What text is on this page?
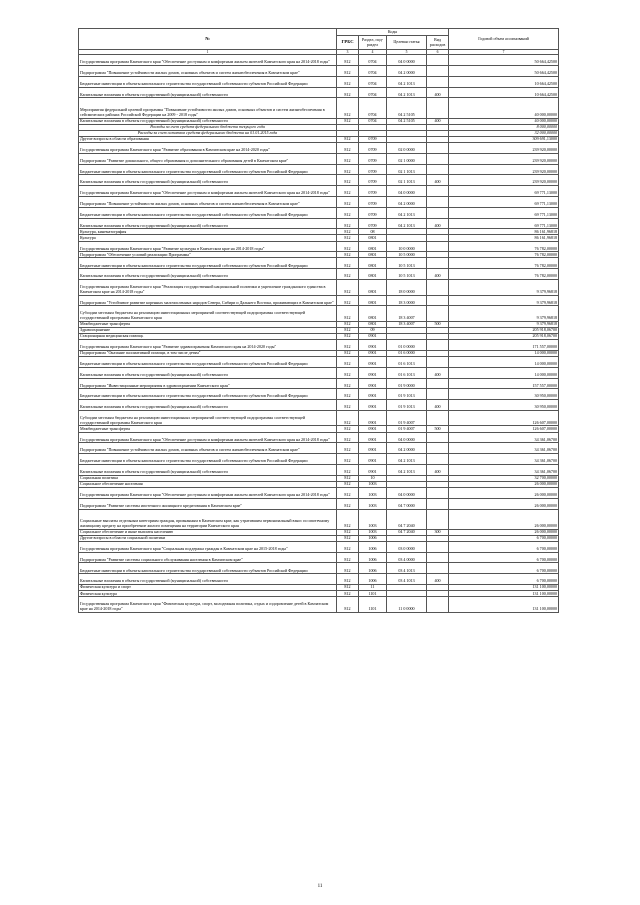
№	Коды				Годовой объем ассигнований
	ГРБС	Раздел, под-раздел	Целевая статья	Вид расходов	
1	3	4	5	6	7
Государственная программа Камчатского края "Обеспечение доступным и комфортным жильем жителей Камчатского края на 2014-2018 годы"	812	0704	04 0 0000		50 664,42500
Подпрограмма "Повышение устойчивости жилых домов, основных объектов и систем жизнеобеспечения в Камчатском крае"	812	0704	04 2 0000		50 664,42500
Бюджетные инвестиции в объекты капитального строительства государственной собственности субъектов Российской Федерации	812	0704	04 2 1013		10 664,42500
Капитальные вложения в объекты государственной (муниципальной) собственности	812	0704	04 2 1013	400	10 664,42500
Мероприятия федеральной целевой программы "Повышение устойчивости жилых домов, основных объектов и систем жизнеобеспечения в сейсмических районах Российской Федерации на 2009 - 2018 годы"	812	0704	04 2 5105		40 000,00000
Капитальные вложения в объекты государственной (муниципальной) собственности	812	0704	04 2 5105	400	40 000,00000
Расходы за счет средств федерального бюджета текущего года					8 000,00000
Расходы за счет остатков средств федерального бюджета на 01.01.2015 года					32 000,00000
Другие вопросы в области образования	812	0709			309 691,13000
Государственная программа Камчатского края "Развитие образования в Камчатском крае на 2014-2020 годы"	812	0709	02 0 0000		239 920,00000
Подпрограмма "Развитие дошкольного, общего образования и дополнительного образования детей в Камчатском крае"	812	0709	02 1 0000		239 920,00000
Бюджетные инвестиции в объекты капитального строительства государственной собственности субъектов Российской Федерации	812	0709	02 1 1013		239 920,00000
Капитальные вложения в объекты государственной (муниципальной) собственности	812	0709	02 1 1013	400	239 920,00000
Государственная программа Камчатского края "Обеспечение доступным и комфортным жильем жителей Камчатского края на 2014-2018 годы"	812	0709	04 0 0000		69 771,13000
Подпрограмма "Повышение устойчивости жилых домов, основных объектов и систем жизнеобеспечения в Камчатском крае"	812	0709	04 2 0000		69 771,13000
Бюджетные инвестиции в объекты капитального строительства государственной собственности субъектов Российской Федерации	812	0709	04 2 1013		69 771,13000
Капитальные вложения в объекты государственной (муниципальной) собственности	812	0709	04 2 1013	400	69 771,13000
Культура, кинематография	812	08			86 161,96818
Культура	812	0801			86 161,96818
Государственная программа Камчатского края "Развитие культуры в Камчатском крае на 2014-2018 годы"	812	0801	10 0 0000		76 782,00000
Подпрограмма "Обеспечение условий реализации Программы"	812	0801	10 5 0000		76 782,00000
Бюджетные инвестиции в объекты капитального строительства государственной собственности субъектов Российской Федерации	812	0801	10 5 1013		76 782,00000
Капитальные вложения в объекты государственной (муниципальной) собственности	812	0801	10 5 1013	400	76 782,00000
Государственная программа Камчатского края "Реализация государственной национальной политики и укрепление гражданского единства в Камчатском крае на 2014-2018 годы"	812	0801	18 0 0000		9 379,96818
Подпрограмма "Устойчивое развитие коренных малочисленных народов Севера, Сибири и Дальнего Востока, проживающих в Камчатском крае"	812	0801	18 3 0000		9 379,96818
Субсидии местным бюджетам на реализацию инвестиционных мероприятий соответствующей подпрограммы соответствующей государственной программы Камчатского края	812	0801	18 3 4007		9 379,96818
Межбюджетные трансферты	812	0801	18 3 4007	500	9 379,96818
Здравоохранение	812	09			205 918,06700
Стационарная медицинская помощь	812	0901			205 918,06700
Государственная программа Камчатского края "Развитие здравоохранения Камчатского края на 2014-2020 годы"	812	0901	01 0 0000		171 557,00000
Подпрограмма "Оказание паллиативной помощи, в том числе детям"	812	0901	01 6 0000		14 000,00000
Бюджетные инвестиции в объекты капитального строительства государственной собственности субъектов Российской Федерации	812	0901	01 6 1013		14 000,00000
Капитальные вложения в объекты государственной (муниципальной) собственности	812	0901	01 6 1013	400	14 000,00000
Подпрограмма "Инвестиционные мероприятия в здравоохранении Камчатского края"	812	0901	01 9 0000		157 557,00000
Бюджетные инвестиции в объекты капитального строительства государственной собственности субъектов Российской Федерации	812	0901	01 9 1013		30 950,00000
Капитальные вложения в объекты государственной (муниципальной) собственности	812	0901	01 9 1013	400	30 950,00000
Субсидии местным бюджетам на реализацию инвестиционных мероприятий соответствующей подпрограммы соответствующей государственной программы Камчатского края	812	0901	01 9 4007		126 607,00000
Межбюджетные трансферты	812	0901	01 9 4007	500	126 607,00000
Государственная программа Камчатского края "Обеспечение доступным и комфортным жильем жителей Камчатского края на 2014-2018 годы"	812	0901	04 0 0000		34 361,06700
Подпрограмма "Повышение устойчивости жилых домов, основных объектов и систем жизнеобеспечения в Камчатском крае"	812	0901	04 2 0000		34 361,06700
Бюджетные инвестиции в объекты капитального строительства государственной собственности субъектов Российской Федерации	812	0901	04 2 1013		34 361,06700
Капитальные вложения в объекты государственной (муниципальной) собственности	812	0901	04 2 1013	400	34 361,06700
Социальная политика	812	10			32 700,00000
Социальное обеспечение населения	812	1003			26 000,00000
Государственная программа Камчатского края "Обеспечение доступным и комфортным жильем жителей Камчатского края на 2014-2018 годы"	812	1003	04 0 0000		26 000,00000
Подпрограмма "Развитие системы ипотечного жилищного кредитования в Камчатском крае"	812	1003	04 7 0000		26 000,00000
Социальные выплаты отдельным категориям граждан, признанным в Камчатском крае, как утратившим первоначальный взнос по ипотечному жилищному кредиту на приобретение жилого помещения на территории Камчатского края	812	1003	04 7 2040		26 000,00000
Социальное обеспечение и иные выплаты населению	812	1003	04 7 2040	300	26 000,00000
Другие вопросы в области социальной политики	812	1006			6 700,00000
Государственная программа Камчатского края "Социальная поддержка граждан в Камчатском крае на 2015-2018 годы"	812	1006	03 0 0000		6 700,00000
Подпрограмма "Развитие системы социального обслуживания населения в Камчатском крае"	812	1006	03 4 0000		6 700,00000
Бюджетные инвестиции в объекты капитального строительства государственной собственности субъектов Российской Федерации	812	1006	03 4 1013		6 700,00000
Капитальные вложения в объекты государственной (муниципальной) собственности	812	1006	03 4 1013	400	6 700,00000
Физическая культура и спорт	812	11			131 100,00000
Физическая культура	812	1101			131 100,00000
Государственная программа Камчатского края "Физическая культура, спорт, молодежная политика, отдых и оздоровление детей в Камчатском крае на 2014-2018 годы"	812	1101	11 0 0000		131 100,00000
11
